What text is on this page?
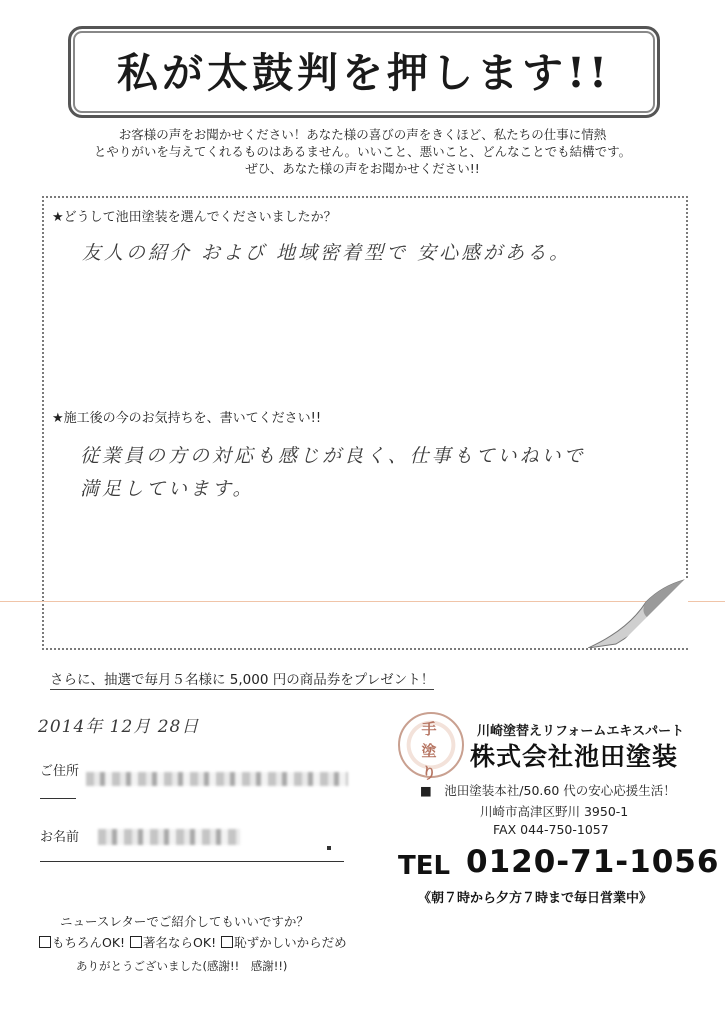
私が太鼓判を押します!!
お客様の声をお聞かせください！あなた様の喜びの声をきくほど、私たちの仕事に情熱
とやりがいを与えてくれるものはあるません。いいこと、悪いこと、どんなことでも結構です。
ぜひ、あなた様の声をお聞かせください!!
★どうして池田塗装を選んでくださいましたか？
友人の紹介 および 地域密着型で 安心感がある。
★施工後の今のお気持ちを、書いてください!!
従業員の方の対応も感じが良く、仕事もていねいで
満足しています。
さらに、抽選で毎月５名様に 5,000 円の商品券をプレゼント！
2014年 12月 28日
ご住所
お名前
手塗り
川崎塗替えリフォームエキスパート
株式会社池田塗装
■　池田塗装本社/50.60 代の安心応援生活！
川崎市高津区野川 3950-1
FAX 044-750-1057
TEL 0120-71-1056
《朝７時から夕方７時まで毎日営業中》
ニュースレターでご紹介してもいいですか？
もちろんOK! 著名ならOK! 恥ずかしいからだめ
ありがとうございました(感謝!!　感謝!!)
